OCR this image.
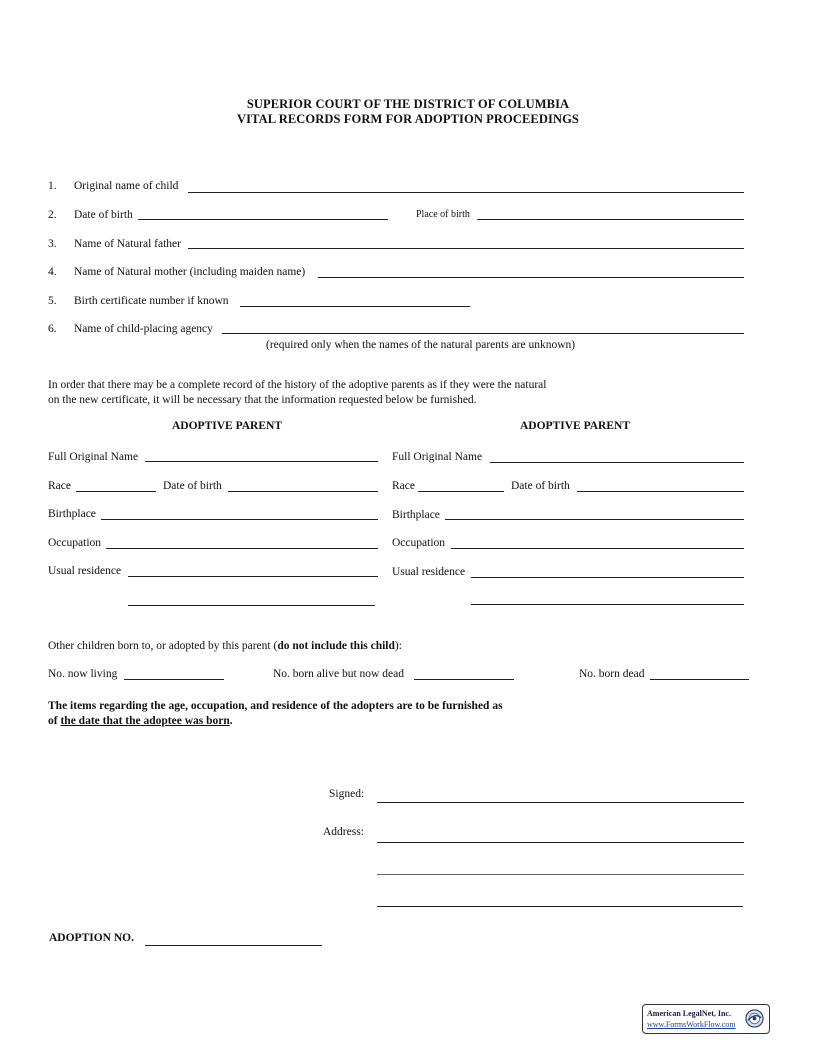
SUPERIOR COURT OF THE DISTRICT OF COLUMBIA
VITAL RECORDS FORM FOR ADOPTION PROCEEDINGS
1. Original name of child
2. Date of birth	Place of birth
3. Name of Natural father
4. Name of Natural mother (including maiden name)
5. Birth certificate number if known
6. Name of child-placing agency
(required only when the names of the natural parents are unknown)
In order that there may be a complete record of the history of the adoptive parents as if they were the natural
on the new certificate, it will be necessary that the information requested below be furnished.
ADOPTIVE PARENT	ADOPTIVE PARENT
Full Original Name
Race	Date of birth
Birthplace
Occupation
Usual residence
Full Original Name
Race	Date of birth
Birthplace
Occupation
Usual residence
Other children born to, or adopted by this parent (do not include this child):
No. now living	No. born alive but now dead	No. born dead
The items regarding the age, occupation, and residence of the adopters are to be furnished as
of the date that the adoptee was born.
Signed:
Address:
ADOPTION NO.
American LegalNet, Inc.
www.FormsWorkFlow.com
